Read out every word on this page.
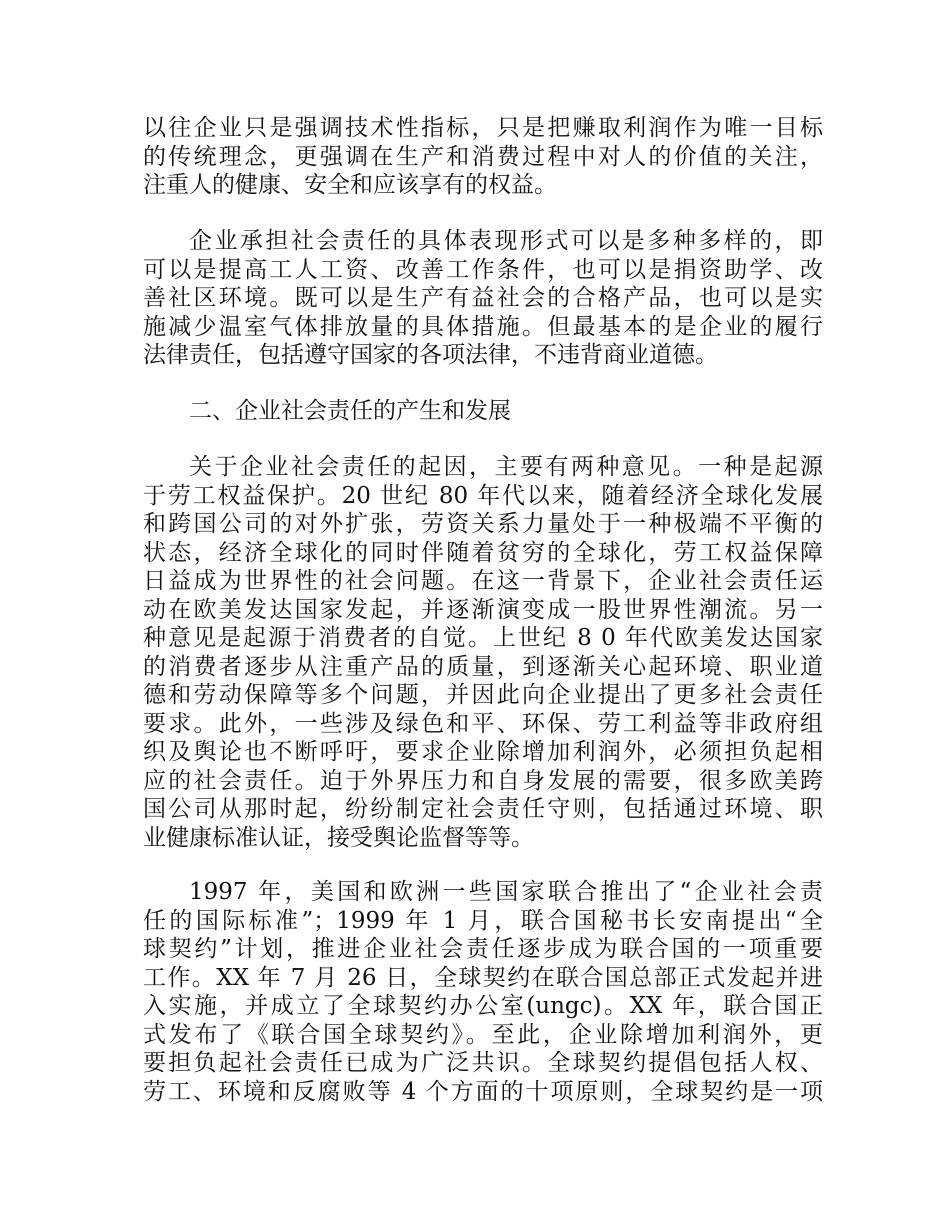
以往企业只是强调技术性指标，只是把赚取利润作为唯一目标
的传统理念，更强调在生产和消费过程中对人的价值的关注，
注重人的健康、安全和应该享有的权益。
企业承担社会责任的具体表现形式可以是多种多样的，即
可以是提高工人工资、改善工作条件，也可以是捐资助学、改
善社区环境。既可以是生产有益社会的合格产品，也可以是实
施减少温室气体排放量的具体措施。但最基本的是企业的履行
法律责任，包括遵守国家的各项法律，不违背商业道德。
二、企业社会责任的产生和发展
关于企业社会责任的起因，主要有两种意见。一种是起源
于劳工权益保护。20 世纪 80 年代以来，随着经济全球化发展
和跨国公司的对外扩张，劳资关系力量处于一种极端不平衡的
状态，经济全球化的同时伴随着贫穷的全球化，劳工权益保障
日益成为世界性的社会问题。在这一背景下，企业社会责任运
动在欧美发达国家发起，并逐渐演变成一股世界性潮流。另一
种意见是起源于消费者的自觉。上世纪 8 0 年代欧美发达国家
的消费者逐步从注重产品的质量，到逐渐关心起环境、职业道
德和劳动保障等多个问题，并因此向企业提出了更多社会责任
要求。此外，一些涉及绿色和平、环保、劳工利益等非政府组
织及舆论也不断呼吁，要求企业除增加利润外，必须担负起相
应的社会责任。迫于外界压力和自身发展的需要，很多欧美跨
国公司从那时起，纷纷制定社会责任守则，包括通过环境、职
业健康标准认证，接受舆论监督等等。
1997 年，美国和欧洲一些国家联合推出了“企业社会责
任的国际标准”；1999 年 1 月，联合国秘书长安南提出“全
球契约”计划，推进企业社会责任逐步成为联合国的一项重要
工作。XX 年 7 月 26 日，全球契约在联合国总部正式发起并进
入实施，并成立了全球契约办公室(ungc)。XX 年，联合国正
式发布了《联合国全球契约》。至此，企业除增加利润外，更
要担负起社会责任已成为广泛共识。全球契约提倡包括人权、
劳工、环境和反腐败等 4 个方面的十项原则，全球契约是一项
